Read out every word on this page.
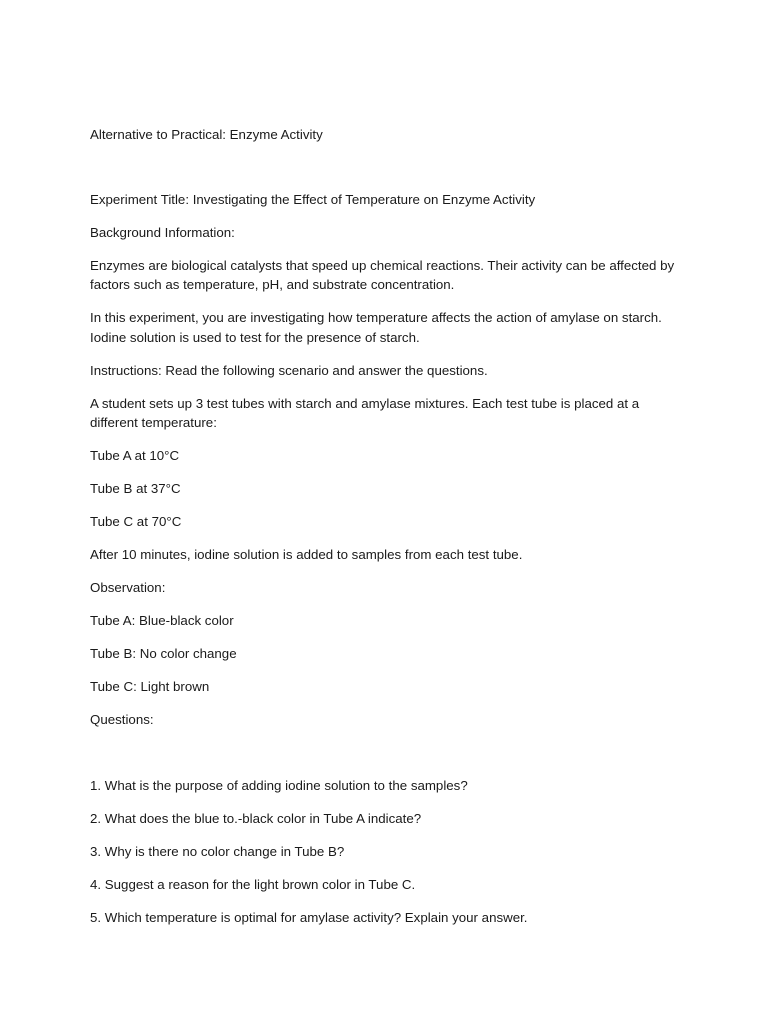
Alternative to Practical: Enzyme Activity

Experiment Title: Investigating the Effect of Temperature on Enzyme Activity

Background Information:

Enzymes are biological catalysts that speed up chemical reactions. Their activity can be affected by factors such as temperature, pH, and substrate concentration.

In this experiment, you are investigating how temperature affects the action of amylase on starch. Iodine solution is used to test for the presence of starch.

Instructions: Read the following scenario and answer the questions.

A student sets up 3 test tubes with starch and amylase mixtures. Each test tube is placed at a different temperature:

Tube A at 10°C

Tube B at 37°C

Tube C at 70°C

After 10 minutes, iodine solution is added to samples from each test tube.

Observation:

Tube A: Blue-black color

Tube B: No color change

Tube C: Light brown

Questions:

1. What is the purpose of adding iodine solution to the samples?

2. What does the blue to.-black color in Tube A indicate?

3. Why is there no color change in Tube B?

4. Suggest a reason for the light brown color in Tube C.

5. Which temperature is optimal for amylase activity? Explain your answer.
